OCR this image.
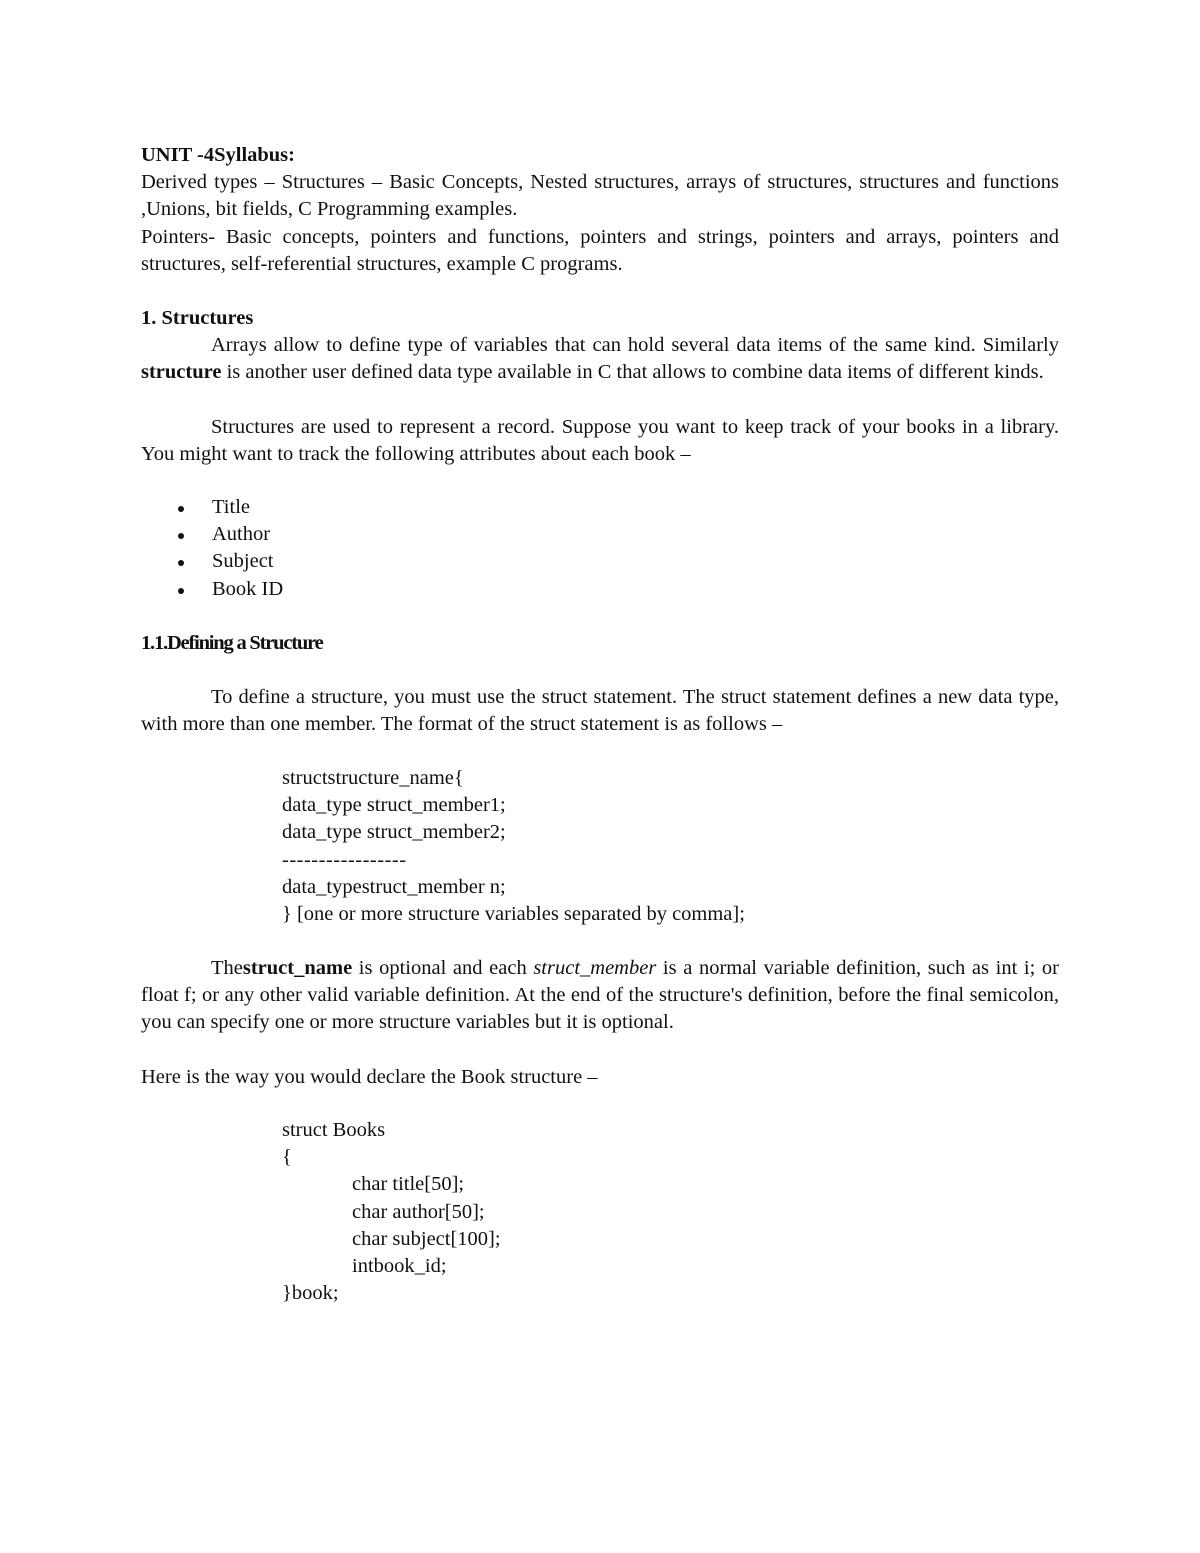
UNIT -4Syllabus:
Derived types – Structures – Basic Concepts, Nested structures, arrays of structures, structures and functions ,Unions, bit fields, C Programming examples.
Pointers- Basic concepts, pointers and functions, pointers and strings, pointers and arrays, pointers and structures, self-referential structures, example C programs.
1. Structures
Arrays allow to define type of variables that can hold several data items of the same kind. Similarly structure is another user defined data type available in C that allows to combine data items of different kinds.
Structures are used to represent a record. Suppose you want to keep track of your books in a library. You might want to track the following attributes about each book –
Title
Author
Subject
Book ID
1.1.Defining a Structure
To define a structure, you must use the struct statement. The struct statement defines a new data type, with more than one member. The format of the struct statement is as follows –
structstructure_name{
data_type struct_member1;
data_type struct_member2;
-----------------
data_typestruct_member n;
} [one or more structure variables separated by comma];
Thestruct_name is optional and each struct_member is a normal variable definition, such as int i; or float f; or any other valid variable definition. At the end of the structure's definition, before the final semicolon, you can specify one or more structure variables but it is optional.
Here is the way you would declare the Book structure –
struct Books
{
char title[50];
char author[50];
char subject[100];
intbook_id;
}book;
